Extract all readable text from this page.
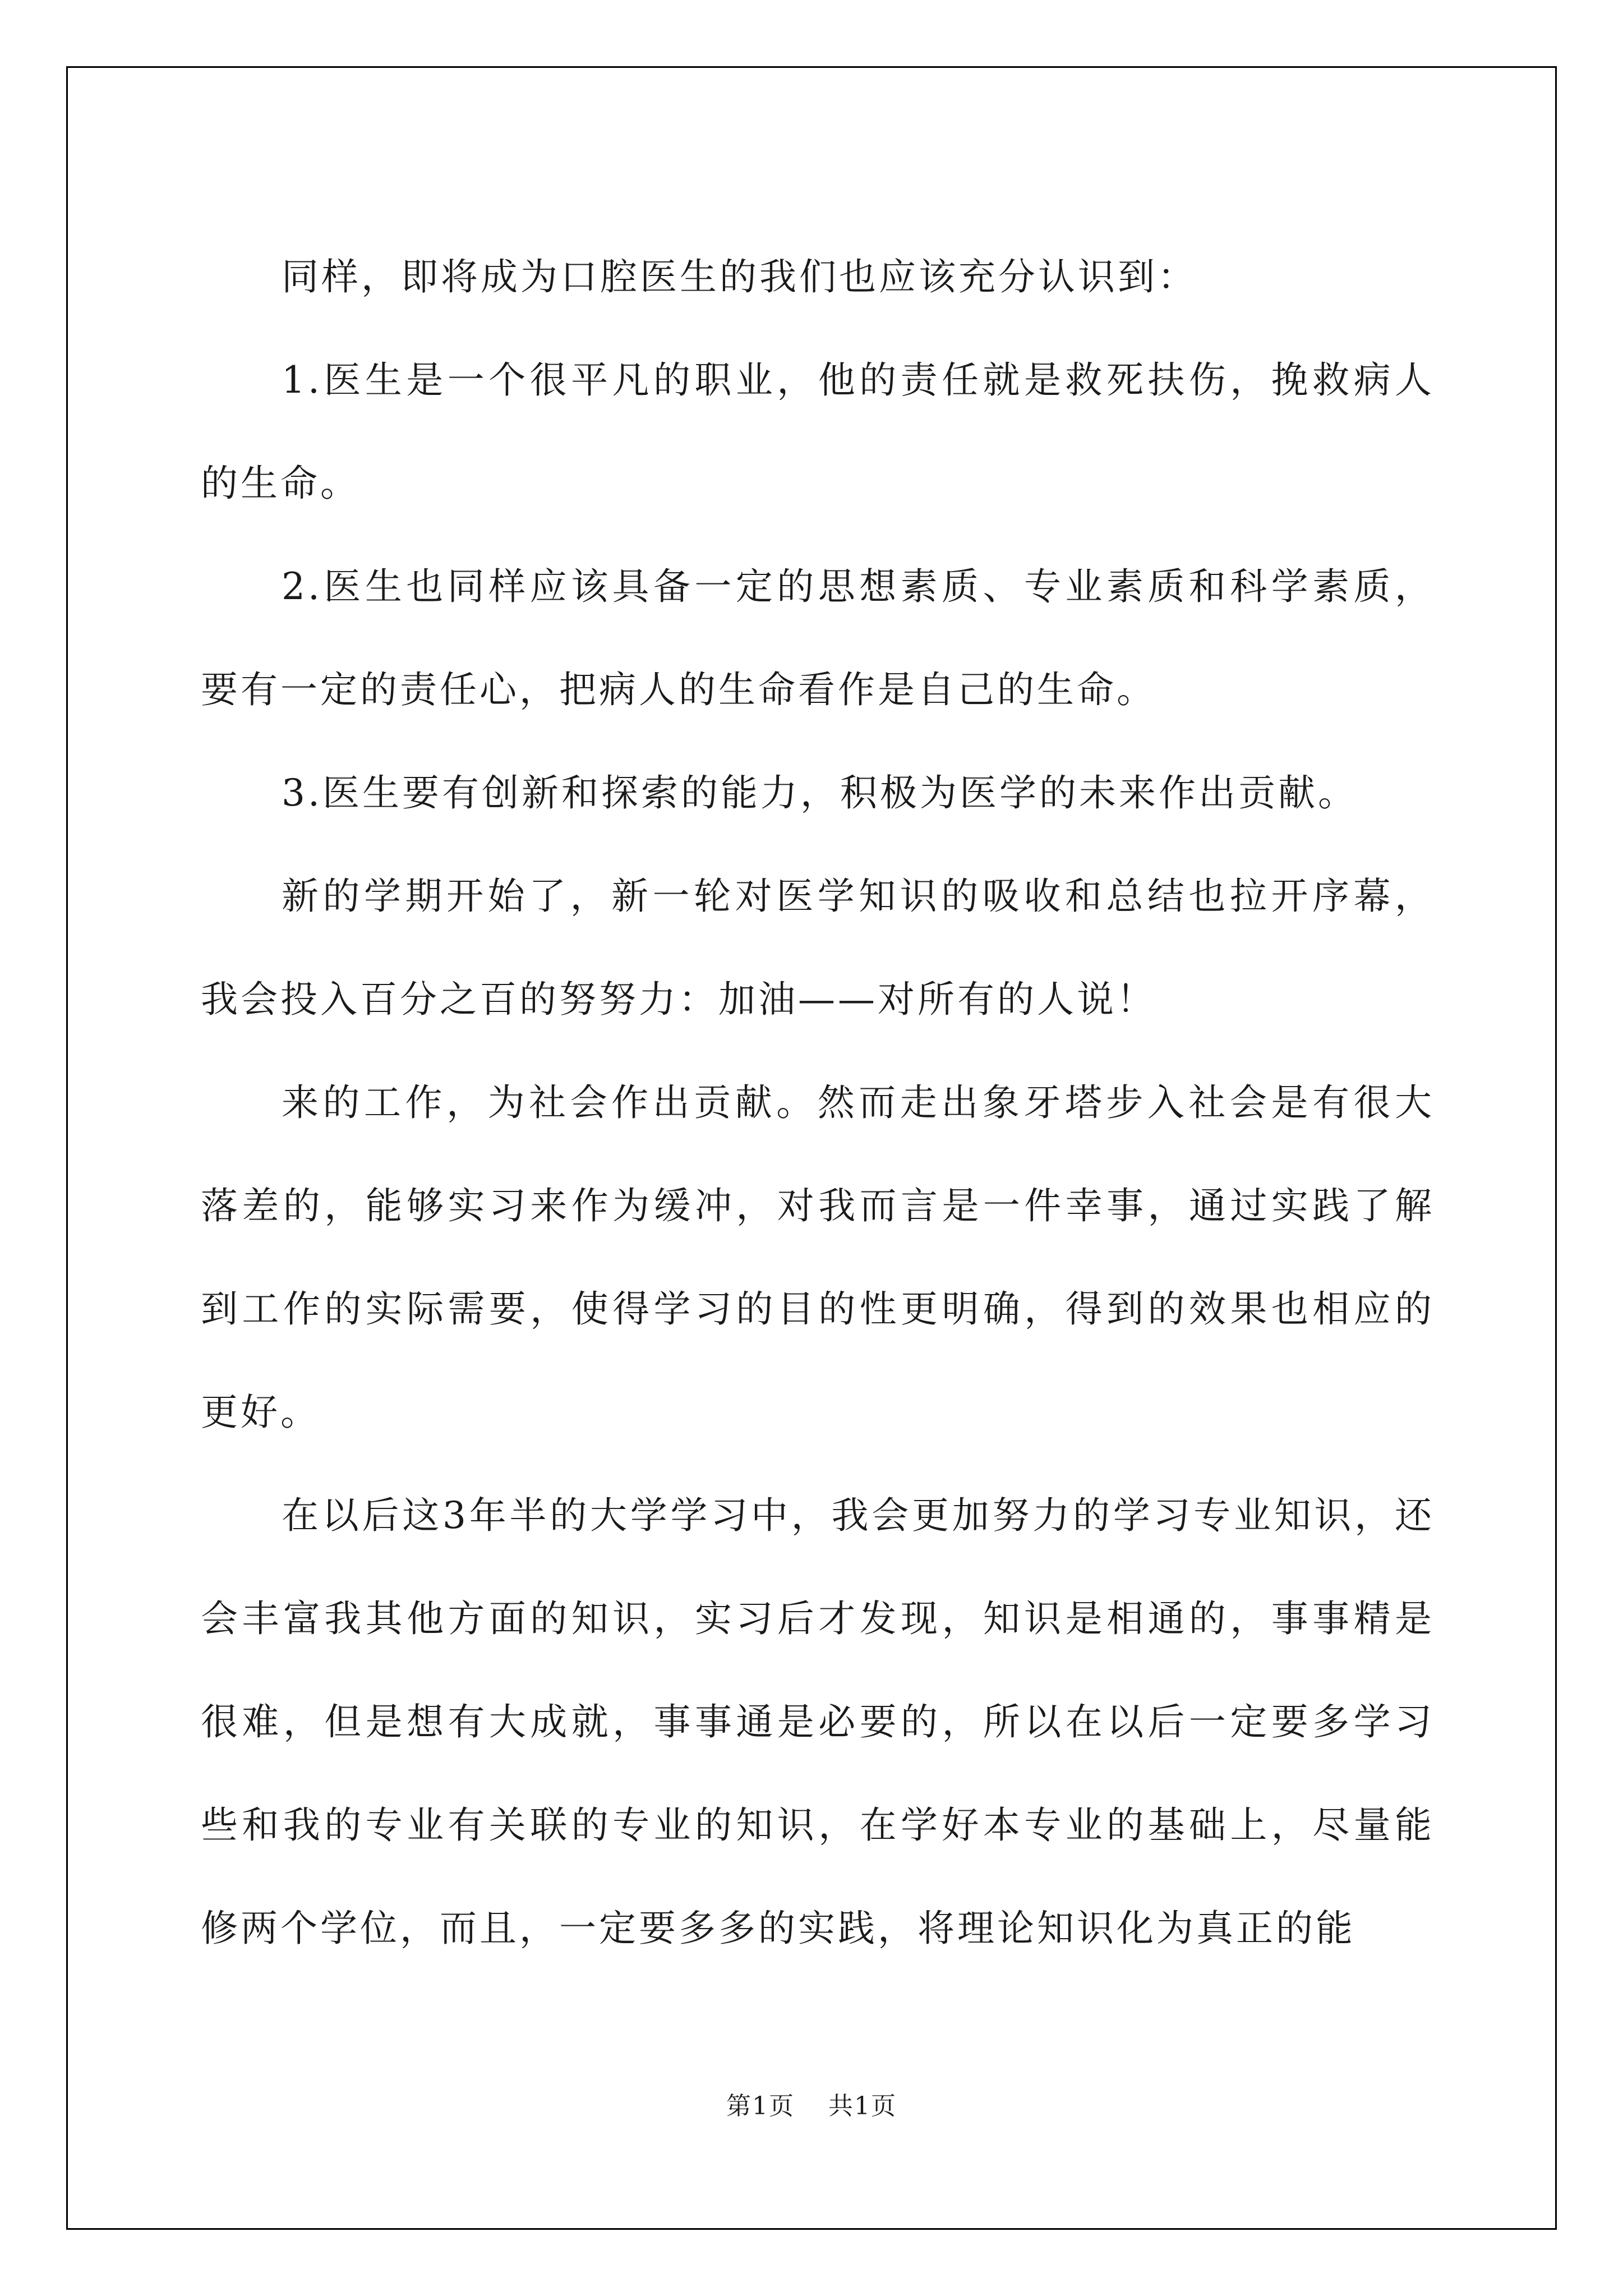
同样，即将成为口腔医生的我们也应该充分认识到：

1.医生是一个很平凡的职业，他的责任就是救死扶伤，挽救病人的生命。

2.医生也同样应该具备一定的思想素质、专业素质和科学素质，要有一定的责任心，把病人的生命看作是自己的生命。

3.医生要有创新和探索的能力，积极为医学的未来作出贡献。

新的学期开始了，新一轮对医学知识的吸收和总结也拉开序幕，我会投入百分之百的努努力：加油——对所有的人说！

来的工作，为社会作出贡献。然而走出象牙塔步入社会是有很大落差的，能够实习来作为缓冲，对我而言是一件幸事，通过实践了解到工作的实际需要，使得学习的目的性更明确，得到的效果也相应的更好。

在以后这3年半的大学学习中，我会更加努力的学习专业知识，还会丰富我其他方面的知识，实习后才发现，知识是相通的，事事精是很难，但是想有大成就，事事通是必要的，所以在以后一定要多学习些和我的专业有关联的专业的知识，在学好本专业的基础上，尽量能修两个学位，而且，一定要多多的实践，将理论知识化为真正的能

第1页 共1页
